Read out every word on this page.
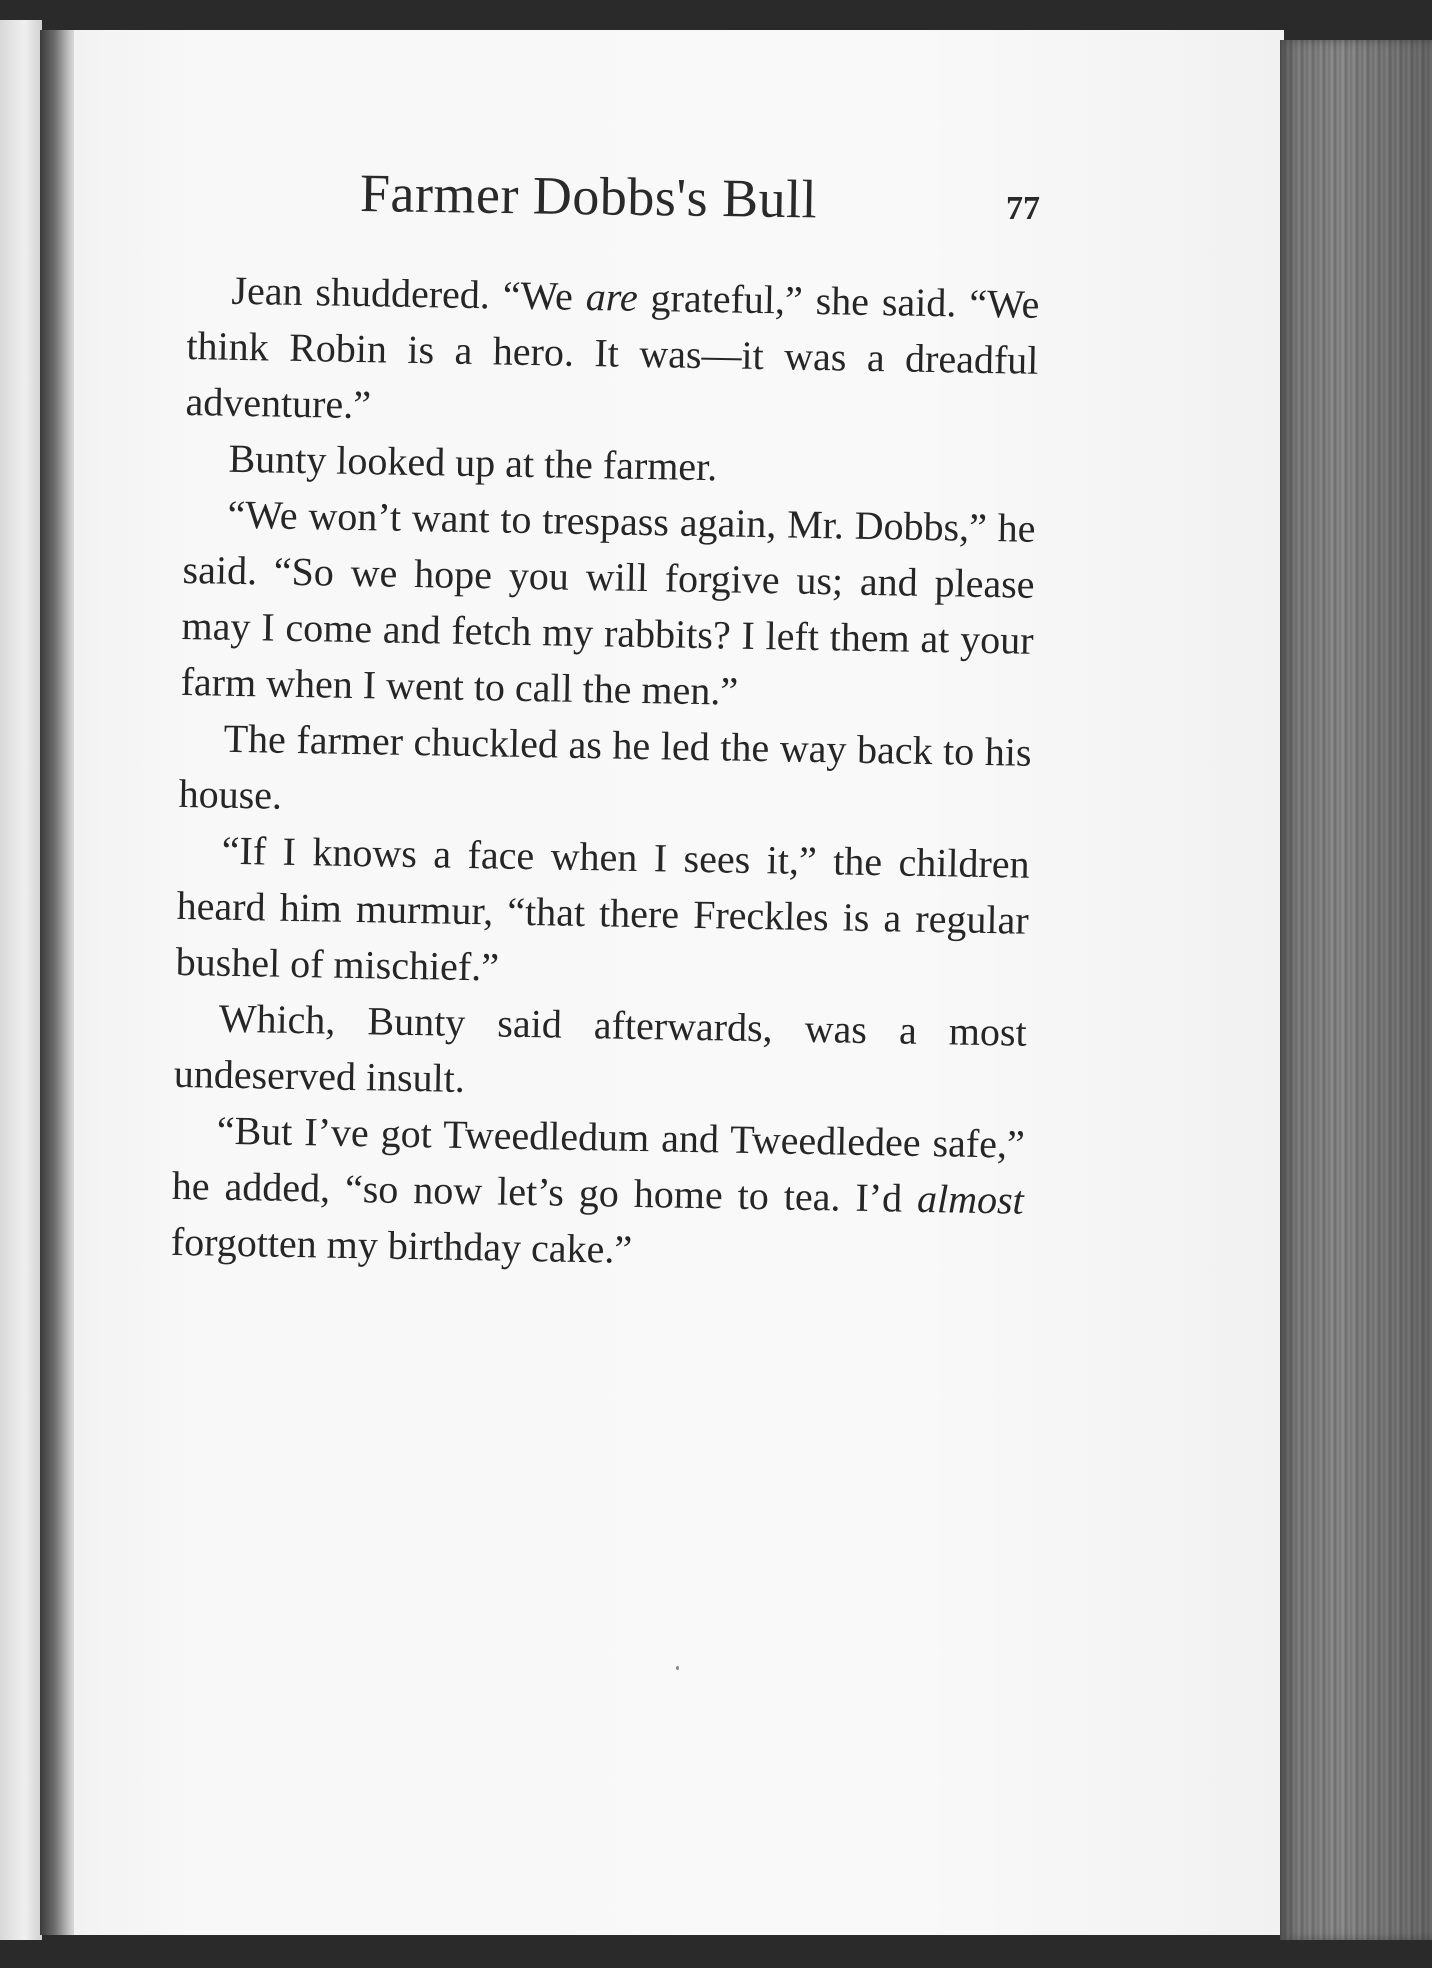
Farmer Dobbs's Bull	77

Jean shuddered. “We are grateful,” she said. “We think Robin is a hero. It was—it was a dreadful adventure.”

Bunty looked up at the farmer.

“We won’t want to trespass again, Mr. Dobbs,” he said. “So we hope you will forgive us; and please may I come and fetch my rabbits? I left them at your farm when I went to call the men.”

The farmer chuckled as he led the way back to his house.

“If I knows a face when I sees it,” the children heard him murmur, “that there Freckles is a regular bushel of mischief.”

Which, Bunty said afterwards, was a most undeserved insult.

“But I’ve got Tweedledum and Tweedledee safe,” he added, “so now let’s go home to tea. I’d almost forgotten my birthday cake.”
